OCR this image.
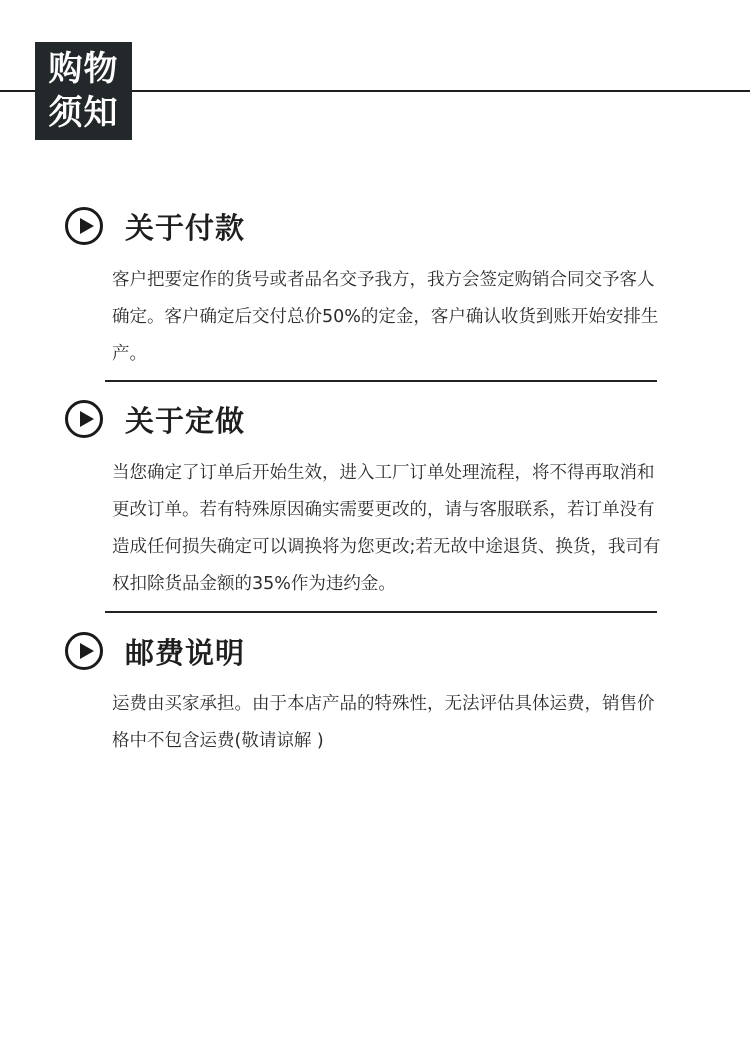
购物
须知
关于付款
客户把要定作的货号或者品名交予我方，我方会签定购销合同交予客人确定。客户确定后交付总价50%的定金，客户确认收货到账开始安排生产。
关于定做
当您确定了订单后开始生效，进入工厂订单处理流程，将不得再取消和更改订单。若有特殊原因确实需要更改的，请与客服联系，若订单没有造成任何损失确定可以调换将为您更改;若无故中途退货、换货，我司有权扣除货品金额的35%作为违约金。
邮费说明
运费由买家承担。由于本店产品的特殊性，无法评估具体运费，销售价格中不包含运费(敬请谅解 )
